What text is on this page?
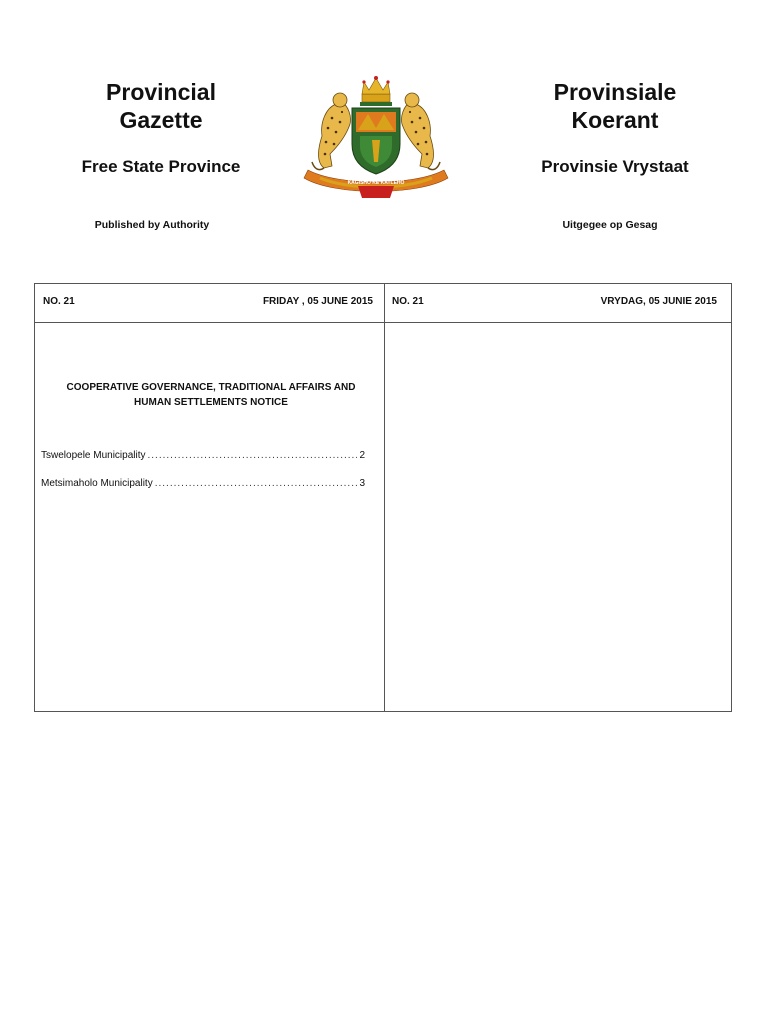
Provincial
Gazette
Free State Province
Published by Authority
Provinsiale
Koerant
Provinsie Vrystaat
Uitgegee op Gesag
KAGISHO KE KATLEHO
NO. 21	FRIDAY , 05 JUNE 2015 NO. 21	VRYDAG, 05 JUNIE 2015
COOPERATIVE GOVERNANCE, TRADITIONAL AFFAIRS AND
HUMAN SETTLEMENTS NOTICE
Tswelopele Municipality .....	2
Metsimaholo Municipality .....	3
